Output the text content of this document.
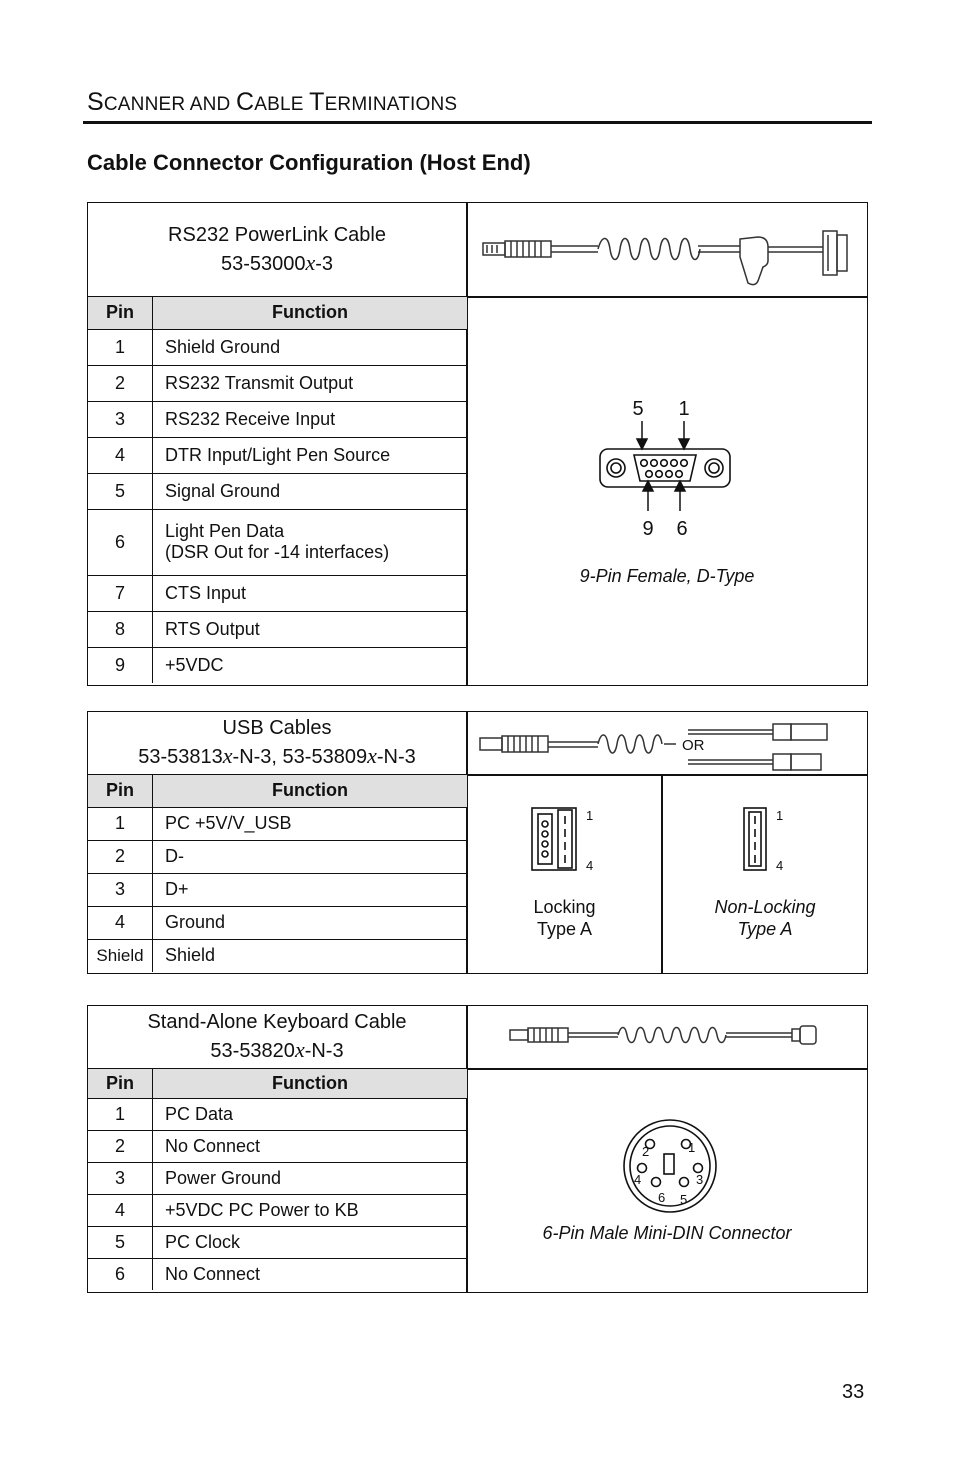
SCANNER AND CABLE TERMINATIONS
Cable Connector Configuration (Host End)
RS232 PowerLink Cable
53-53000x-3
Pin	Function
1	Shield Ground
2	RS232 Transmit Output
3	RS232 Receive Input
4	DTR Input/Light Pen Source
5	Signal Ground
6	Light Pen Data
(DSR Out for -14 interfaces)

7	CTS Input
8	RTS Output
9	+5VDC
5 1
9 6
9-Pin Female, D-Type
USB Cables
53-53813x-N-3, 53-53809x-N-3
OR
Pin	Function
1	PC +5V/V_USB
2	D-
3	D+
4	Ground
Shield	Shield
1
4
Locking
Type A
1
4
Non-Locking
Type A
Stand-Alone Keyboard Cable
53-53820x-N-3
Pin	Function
1	PC Data
2	No Connect
3	Power Ground
4	+5VDC PC Power to KB
5	PC Clock
6	No Connect
1
2
3
4
5
6
6-Pin Male Mini-DIN Connector
33
